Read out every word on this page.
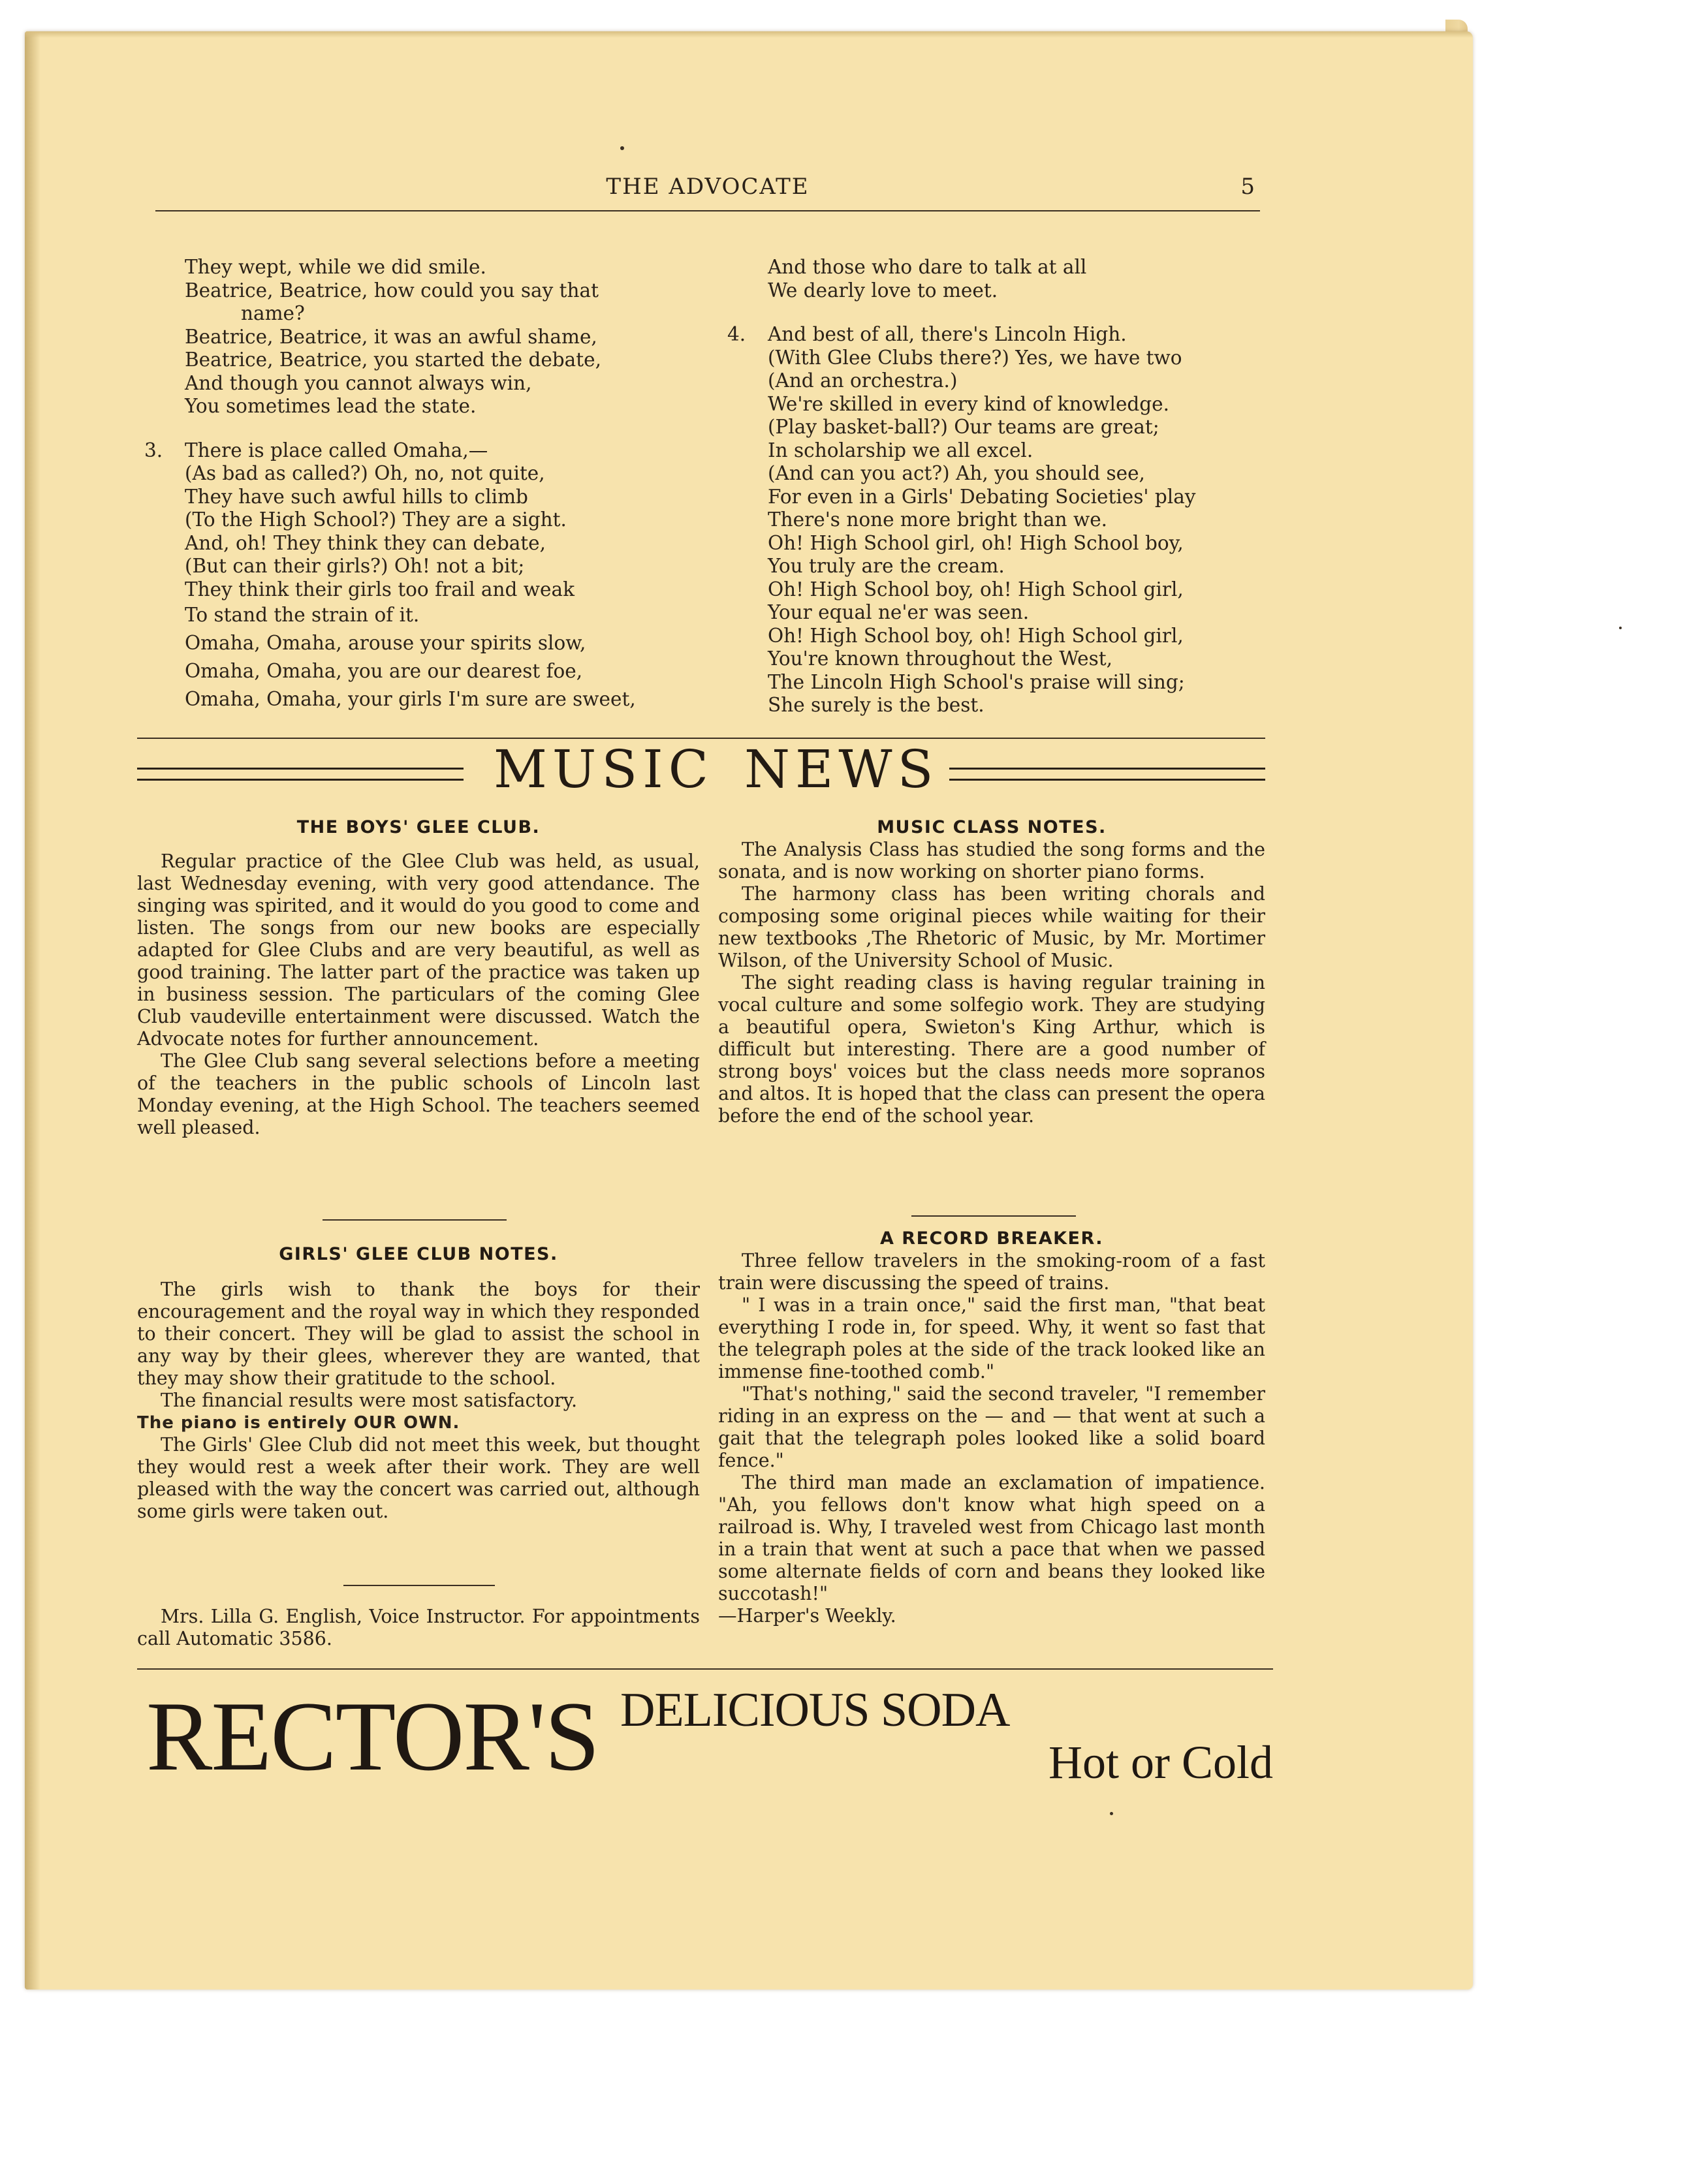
THE ADVOCATE	5
They wept, while we did smile.
Beatrice, Beatrice, how could you say that
name?
Beatrice, Beatrice, it was an awful shame,
Beatrice, Beatrice, you started the debate,
And though you cannot always win,
You sometimes lead the state.
3. There is place called Omaha,—
(As bad as called?) Oh, no, not quite,
They have such awful hills to climb
(To the High School?) They are a sight.
And, oh! They think they can debate,
(But can their girls?) Oh! not a bit;
They think their girls too frail and weak
To stand the strain of it.
Omaha, Omaha, arouse your spirits slow,
Omaha, Omaha, you are our dearest foe,
Omaha, Omaha, your girls I'm sure are sweet,
And those who dare to talk at all
We dearly love to meet.
4. And best of all, there's Lincoln High.
(With Glee Clubs there?) Yes, we have two
(And an orchestra.)
We're skilled in every kind of knowledge.
(Play basket-ball?) Our teams are great;
In scholarship we all excel.
(And can you act?) Ah, you should see,
For even in a Girls' Debating Societies' play
There's none more bright than we.
Oh! High School girl, oh! High School boy,
You truly are the cream.
Oh! High School boy, oh! High School girl,
Your equal ne'er was seen.
Oh! High School boy, oh! High School girl,
You're known throughout the West,
The Lincoln High School's praise will sing;
She surely is the best.
MUSIC NEWS
THE BOYS' GLEE CLUB.

Regular practice of the Glee Club was held, as usual, last Wednesday evening, with very good attendance. The singing was spirited, and it would do you good to come and listen. The songs from our new books are especially adapted for Glee Clubs and are very beautiful, as well as good training. The latter part of the practice was taken up in business session. The particulars of the coming Glee Club vaudeville entertainment were discussed. Watch the Advocate notes for further announcement.

The Glee Club sang several selections before a meeting of the teachers in the public schools of Lincoln last Monday evening, at the High School. The teachers seemed well pleased.

GIRLS' GLEE CLUB NOTES.

The girls wish to thank the boys for their encouragement and the royal way in which they responded to their concert. They will be glad to assist the school in any way by their glees, wherever they are wanted, that they may show their gratitude to the school.

The financial results were most satisfactory.

The piano is entirely OUR OWN.

The Girls' Glee Club did not meet this week, but thought they would rest a week after their work. They are well pleased with the way the concert was carried out, although some girls were taken out.

Mrs. Lilla G. English, Voice Instructor. For appointments call Automatic 3586.

MUSIC CLASS NOTES.

The Analysis Class has studied the song forms and the sonata, and is now working on shorter piano forms.

The harmony class has been writing chorals and composing some original pieces while waiting for their new textbooks ,The Rhetoric of Music, by Mr. Mortimer Wilson, of the University School of Music.

The sight reading class is having regular training in vocal culture and some solfegio work. They are studying a beautiful opera, Swieton's King Arthur, which is difficult but interesting. There are a good number of strong boys' voices but the class needs more sopranos and altos. It is hoped that the class can present the opera before the end of the school year.

A RECORD BREAKER.

Three fellow travelers in the smoking-room of a fast train were discussing the speed of trains.

" I was in a train once," said the first man, "that beat everything I rode in, for speed. Why, it went so fast that the telegraph poles at the side of the track looked like an immense fine-toothed comb."

"That's nothing," said the second traveler, "I remember riding in an express on the — and — that went at such a gait that the telegraph poles looked like a solid board fence."

The third man made an exclamation of impatience. "Ah, you fellows don't know what high speed on a railroad is. Why, I traveled west from Chicago last month in a train that went at such a pace that when we passed some alternate fields of corn and beans they looked like succotash!"

—Harper's Weekly.

RECTOR'S DELICIOUS SODA
Hot or Cold
